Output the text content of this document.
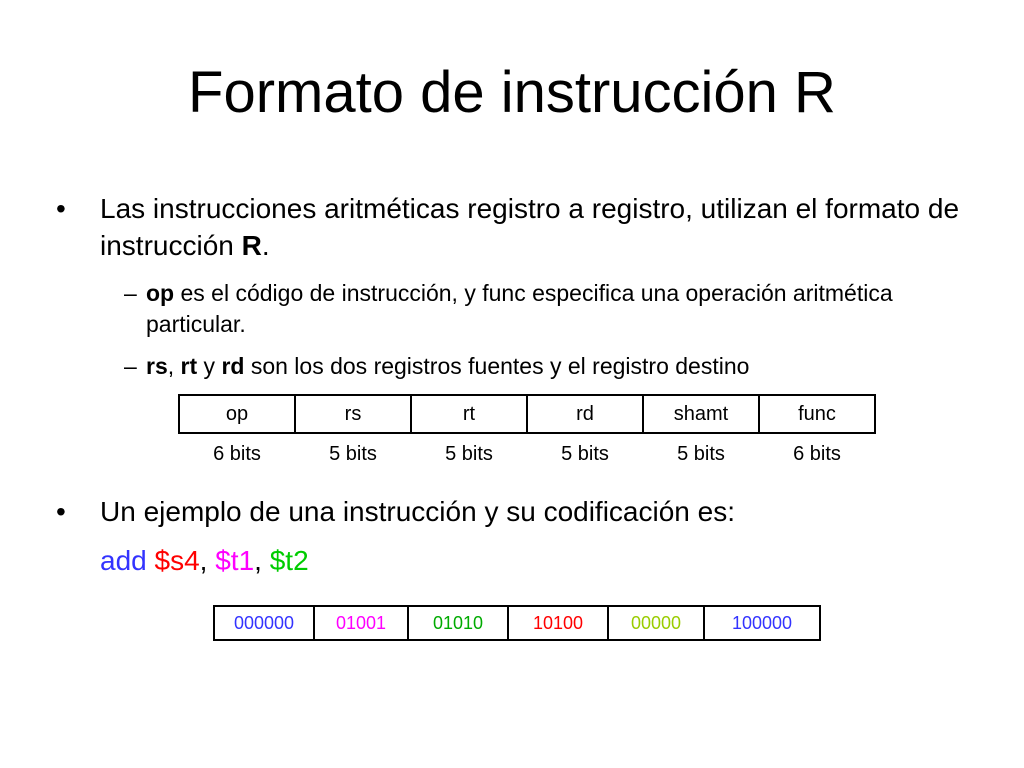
Formato de instrucción R
• Las instrucciones aritméticas registro a registro, utilizan el formato de instrucción R.
– op es el código de instrucción, y func especifica una operación aritmética particular.
– rs, rt y rd son los dos registros fuentes y el registro destino
op	rs	rt	rd	shamt	func
6 bits	5 bits	5 bits	5 bits	5 bits	6 bits
• Un ejemplo de una instrucción y su codificación es:
add $s4, $t1, $t2
000000	01001	01010	10100	00000	100000
